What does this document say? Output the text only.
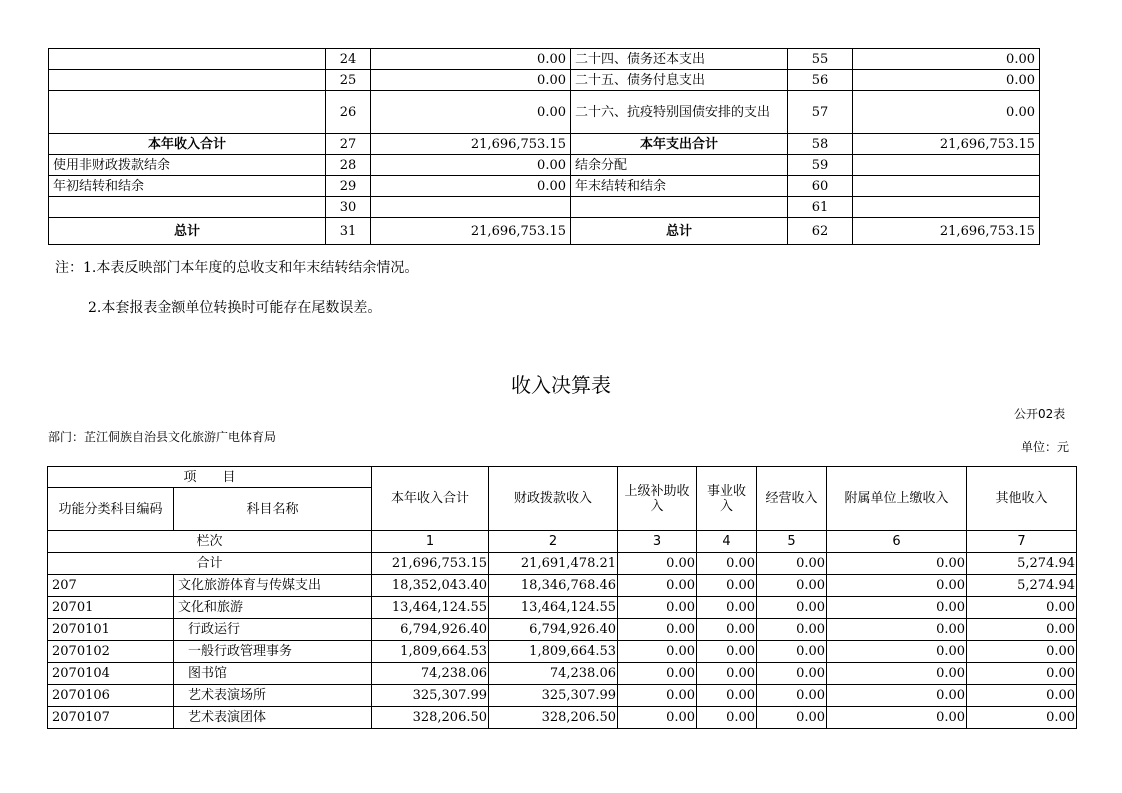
	24	0.00	二十四、债务还本支出	55	0.00
	25	0.00	二十五、债务付息支出	56	0.00
	26	0.00	二十六、抗疫特别国债安排的支出	57	0.00
本年收入合计	27	21,696,753.15	本年支出合计	58	21,696,753.15
使用非财政拨款结余	28	0.00	结余分配	59	
年初结转和结余	29	0.00	年末结转和结余	60	
	30			61	
总计	31	21,696,753.15	总计	62	21,696,753.15
注：1.本表反映部门本年度的总收支和年末结转结余情况。
2.本套报表金额单位转换时可能存在尾数误差。
收入决算表
公开02表
部门：芷江侗族自治县文化旅游广电体育局
单位：元
项　　目		本年收入合计	财政拨款收入	上级补助收入	事业收入	经营收入	附属单位上缴收入	其他收入
功能分类科目编码	科目名称							
栏次		1	2	3	4	5	6	7
合计		21,696,753.15	21,691,478.21	0.00	0.00	0.00	0.00	5,274.94
207	文化旅游体育与传媒支出	18,352,043.40	18,346,768.46	0.00	0.00	0.00	0.00	5,274.94
20701	文化和旅游	13,464,124.55	13,464,124.55	0.00	0.00	0.00	0.00	0.00
2070101	行政运行	6,794,926.40	6,794,926.40	0.00	0.00	0.00	0.00	0.00
2070102	一般行政管理事务	1,809,664.53	1,809,664.53	0.00	0.00	0.00	0.00	0.00
2070104	图书馆	74,238.06	74,238.06	0.00	0.00	0.00	0.00	0.00
2070106	艺术表演场所	325,307.99	325,307.99	0.00	0.00	0.00	0.00	0.00
2070107	艺术表演团体	328,206.50	328,206.50	0.00	0.00	0.00	0.00	0.00
